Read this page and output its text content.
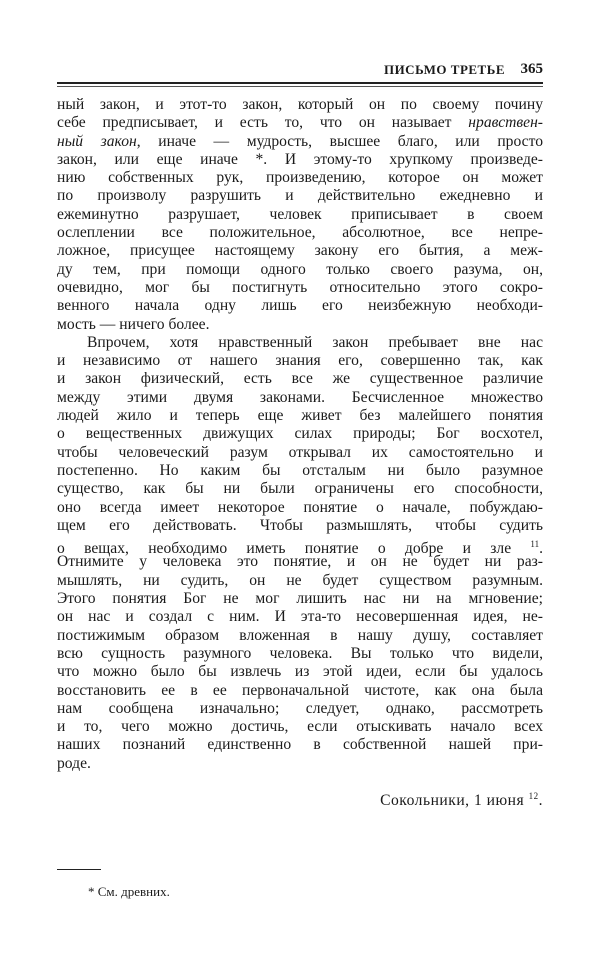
ПИСЬМО ТРЕТЬЕ 365
ный закон, и этот-то закон, который он по своему почину
себе предписывает, и есть то, что он называет нравствен-
ный закон, иначе — мудрость, высшее благо, или просто
закон, или еще иначе *. И этому-то хрупкому произведе-
нию собственных рук, произведению, которое он может
по произволу разрушить и действительно ежедневно и
ежеминутно разрушает, человек приписывает в своем
ослеплении все положительное, абсолютное, все непре-
ложное, присущее настоящему закону его бытия, а меж-
ду тем, при помощи одного только своего разума, он,
очевидно, мог бы постигнуть относительно этого сокро-
венного начала одну лишь его неизбежную необходи-
мость — ничего более.
Впрочем, хотя нравственный закон пребывает вне нас
и независимо от нашего знания его, совершенно так, как
и закон физический, есть все же существенное различие
между этими двумя законами. Бесчисленное множество
людей жило и теперь еще живет без малейшего понятия
о вещественных движущих силах природы; Бог восхотел,
чтобы человеческий разум открывал их самостоятельно и
постепенно. Но каким бы отсталым ни было разумное
существо, как бы ни были ограничены его способности,
оно всегда имеет некоторое понятие о начале, побуждаю-
щем его действовать. Чтобы размышлять, чтобы судить
о вещах, необходимо иметь понятие о добре и зле $^{11}$.
Отнимите у человека это понятие, и он не будет ни раз-
мышлять, ни судить, он не будет существом разумным.
Этого понятия Бог не мог лишить нас ни на мгновение;
он нас и создал с ним. И эта-то несовершенная идея, не-
постижимым образом вложенная в нашу душу, составляет
всю сущность разумного человека. Вы только что видели,
что можно было бы извлечь из этой идеи, если бы удалось
восстановить ее в ее первоначальной чистоте, как она была
нам сообщена изначально; следует, однако, рассмотреть
и то, чего можно достичь, если отыскивать начало всех
наших познаний единственно в собственной нашей при-
роде.
Сокольники, 1 июня $^{12}$.
* См. древних.
